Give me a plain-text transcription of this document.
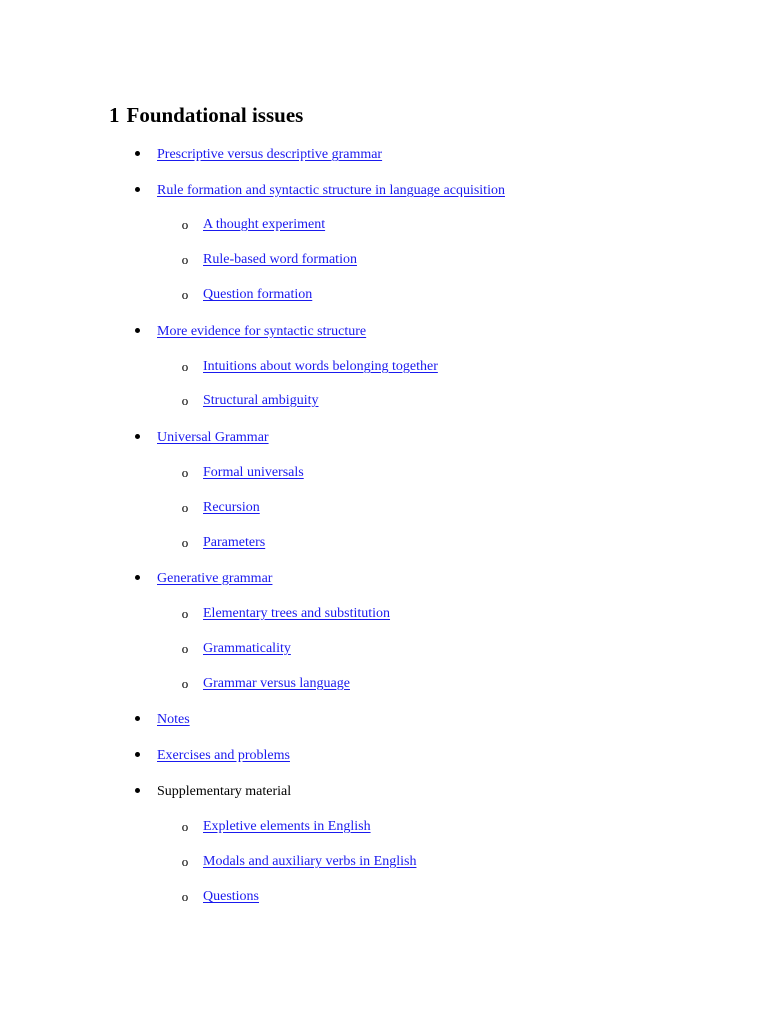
1 Foundational issues
Prescriptive versus descriptive grammar
Rule formation and syntactic structure in language acquisition
o A thought experiment
o Rule-based word formation
o Question formation
More evidence for syntactic structure
o Intuitions about words belonging together
o Structural ambiguity
Universal Grammar
o Formal universals
o Recursion
o Parameters
Generative grammar
o Elementary trees and substitution
o Grammaticality
o Grammar versus language
Notes
Exercises and problems
Supplementary material
o Expletive elements in English
o Modals and auxiliary verbs in English
o Questions
